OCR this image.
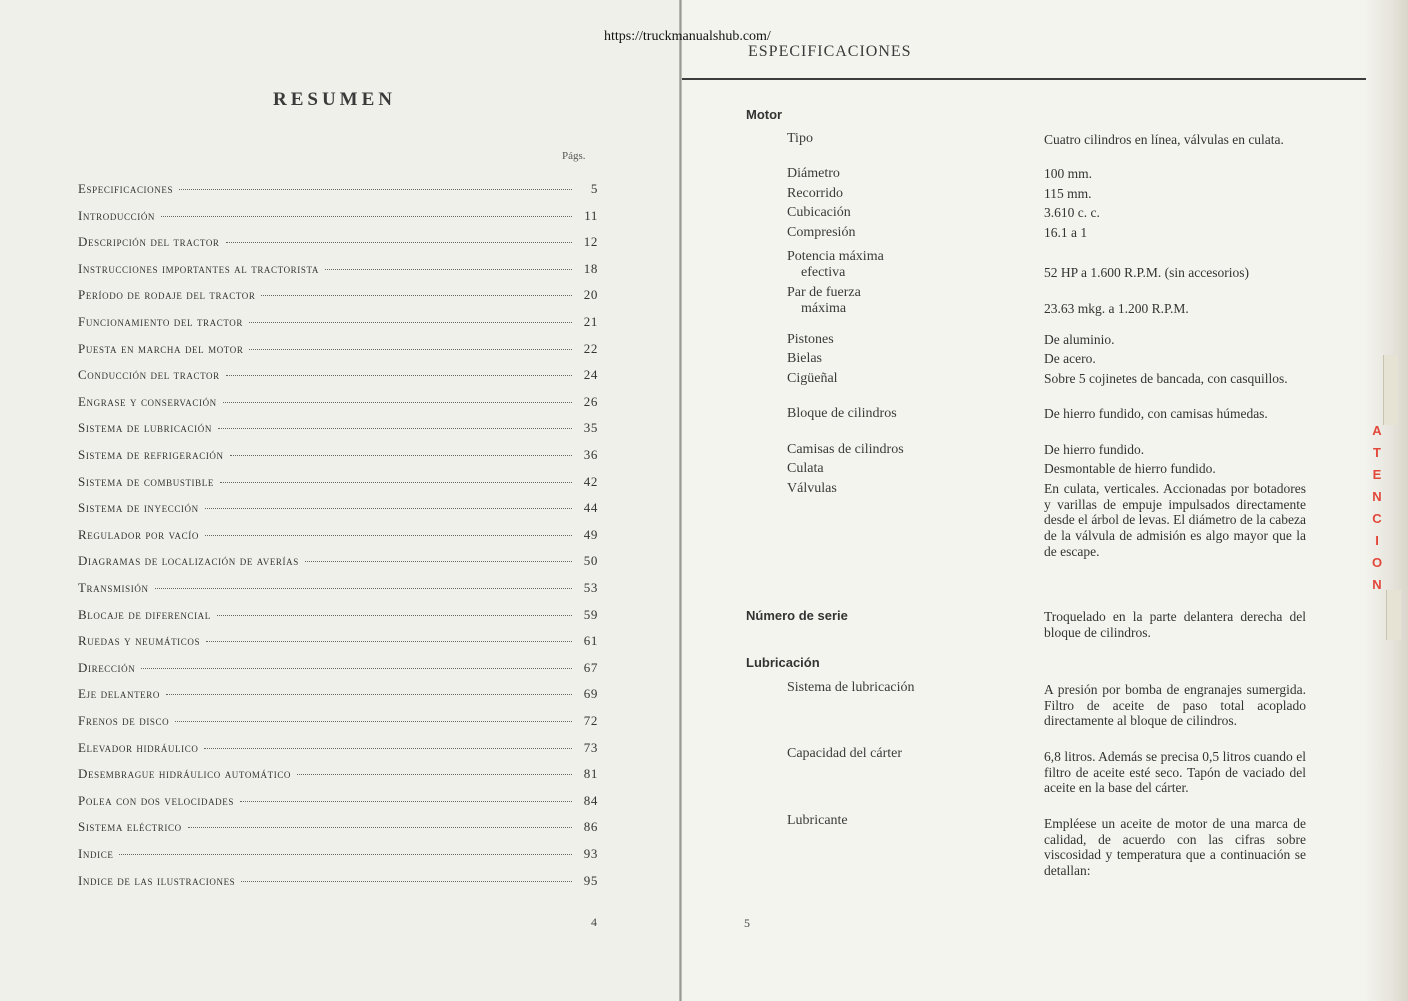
https://truckmanualshub.com/
RESUMEN
Págs.
Especificaciones	5
Introducción	11
Descripción del tractor	12
Instrucciones importantes al tractorista	18
Período de rodaje del tractor	20
Funcionamiento del tractor	21
Puesta en marcha del motor	22
Conducción del tractor	24
Engrase y conservación	26
Sistema de lubricación	35
Sistema de refrigeración	36
Sistema de combustible	42
Sistema de inyección	44
Regulador por vacío	49
Diagramas de localización de averías	50
Transmisión	53
Blocaje de diferencial	59
Ruedas y neumáticos	61
Dirección	67
Eje delantero	69
Frenos de disco	72
Elevador hidráulico	73
Desembrague hidráulico automático	81
Polea con dos velocidades	84
Sistema eléctrico	86
Indice	93
Indice de las ilustraciones	95
4
ESPECIFICACIONES
Motor
Tipo	Cuatro cilindros en línea, válvulas en culata.
Diámetro	100 mm.
Recorrido	115 mm.
Cubicación	3.610 c. c.
Compresión	16.1 a 1
Potencia máxima
efectiva	52 HP a 1.600 R.P.M. (sin accesorios)
Par de fuerza
máxima	23.63 mkg. a 1.200 R.P.M.
Pistones	De aluminio.
Bielas	De acero.
Cigüeñal	Sobre 5 cojinetes de bancada, con casquillos.
Bloque de cilindros	De hierro fundido, con camisas húmedas.
Camisas de cilindros	De hierro fundido.
Culata	Desmontable de hierro fundido.
Válvulas	En culata, verticales. Accionadas por botadores y varillas de empuje impulsados directamente desde el árbol de levas. El diámetro de la cabeza de la válvula de admisión es algo mayor que la de escape.
Número de serie	Troquelado en la parte delantera derecha del bloque de cilindros.
Lubricación
Sistema de lubricación	A presión por bomba de engranajes sumergida. Filtro de aceite de paso total acoplado directamente al bloque de cilindros.
Capacidad del cárter	6,8 litros. Además se precisa 0,5 litros cuando el filtro de aceite esté seco. Tapón de vaciado del aceite en la base del cárter.
Lubricante	Empléese un aceite de motor de una marca de calidad, de acuerdo con las cifras sobre viscosidad y temperatura que a continuación se detallan:
5
A
T
E
N
C
I
O
N
